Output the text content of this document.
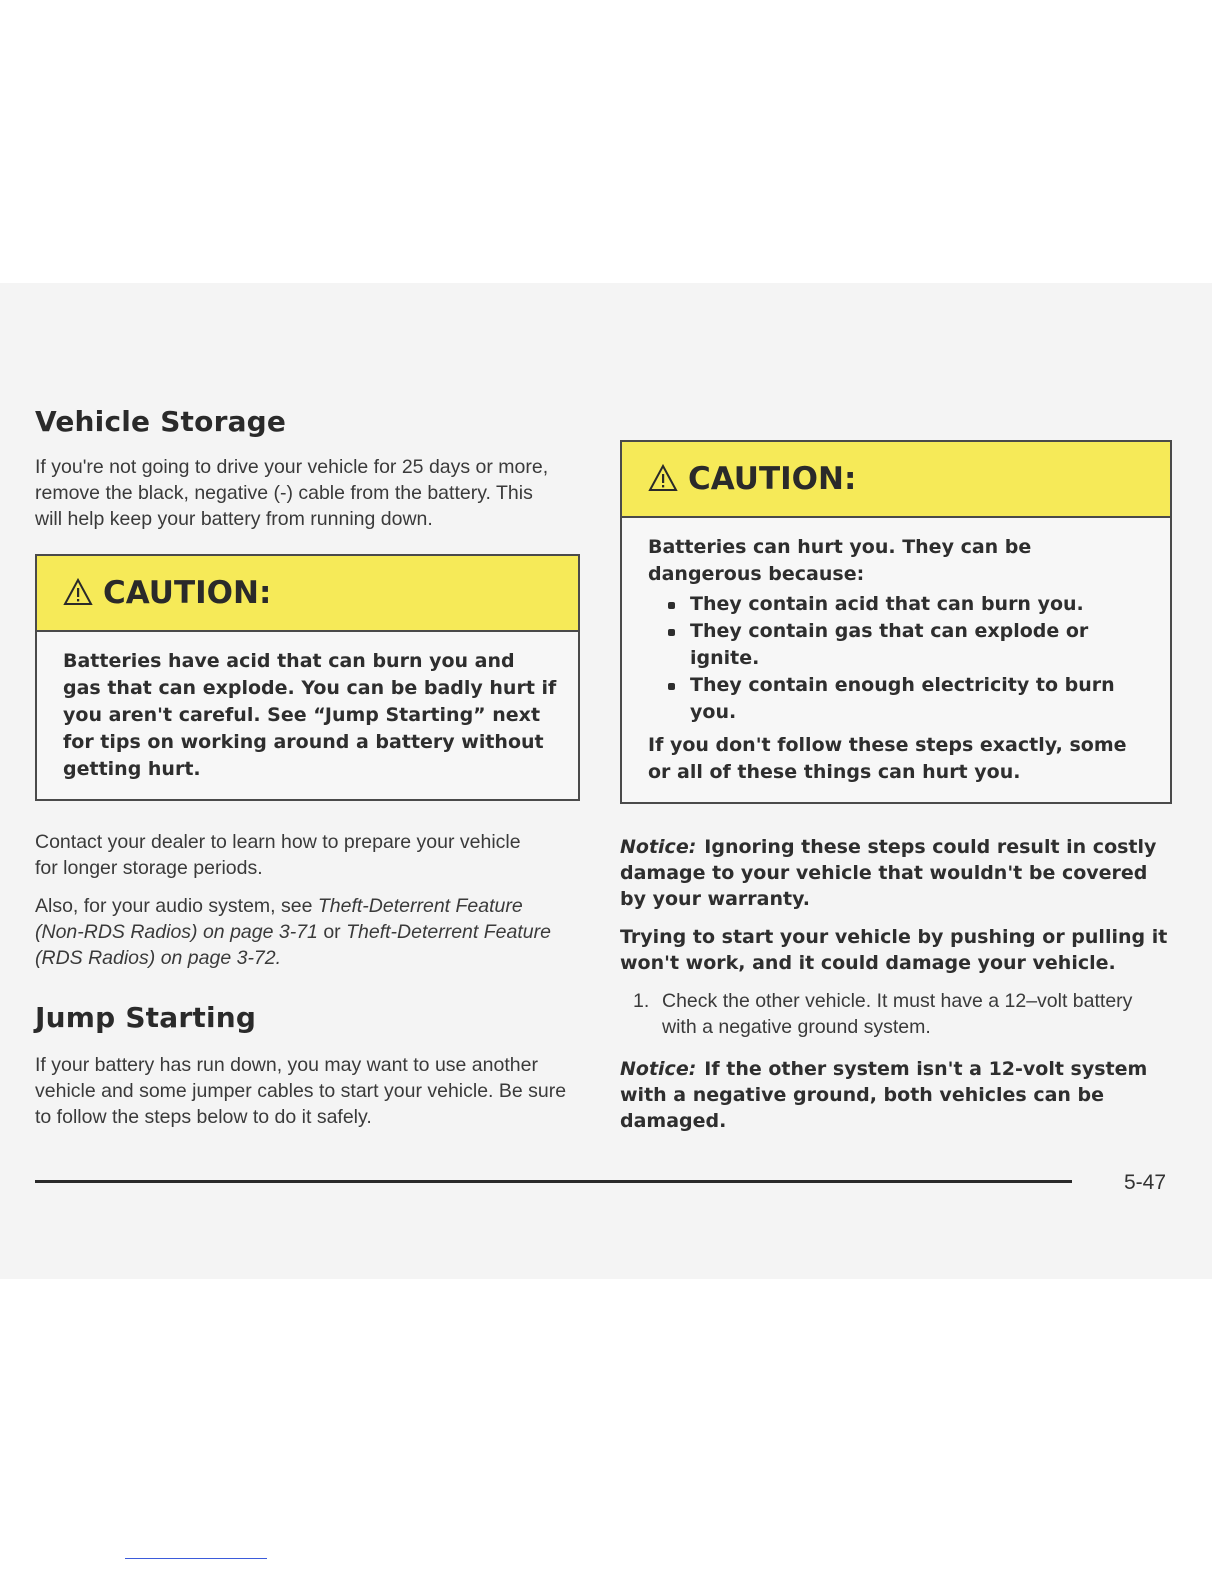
Vehicle Storage

If you're not going to drive your vehicle for 25 days or more, remove the black, negative (-) cable from the battery. This will help keep your battery from running down.

CAUTION:

Batteries have acid that can burn you and gas that can explode. You can be badly hurt if you aren't careful. See “Jump Starting” next for tips on working around a battery without getting hurt.

Contact your dealer to learn how to prepare your vehicle for longer storage periods.

Also, for your audio system, see Theft-Deterrent Feature (Non-RDS Radios) on page 3-71 or Theft-Deterrent Feature (RDS Radios) on page 3-72.

Jump Starting

If your battery has run down, you may want to use another vehicle and some jumper cables to start your vehicle. Be sure to follow the steps below to do it safely.

CAUTION:

Batteries can hurt you. They can be dangerous because:

They contain acid that can burn you.
They contain gas that can explode or ignite.
They contain enough electricity to burn you.

If you don't follow these steps exactly, some or all of these things can hurt you.

Notice: Ignoring these steps could result in costly damage to your vehicle that wouldn't be covered by your warranty.

Trying to start your vehicle by pushing or pulling it won't work, and it could damage your vehicle.

1. Check the other vehicle. It must have a 12–volt battery with a negative ground system.

Notice: If the other system isn't a 12-volt system with a negative ground, both vehicles can be damaged.

5-47
